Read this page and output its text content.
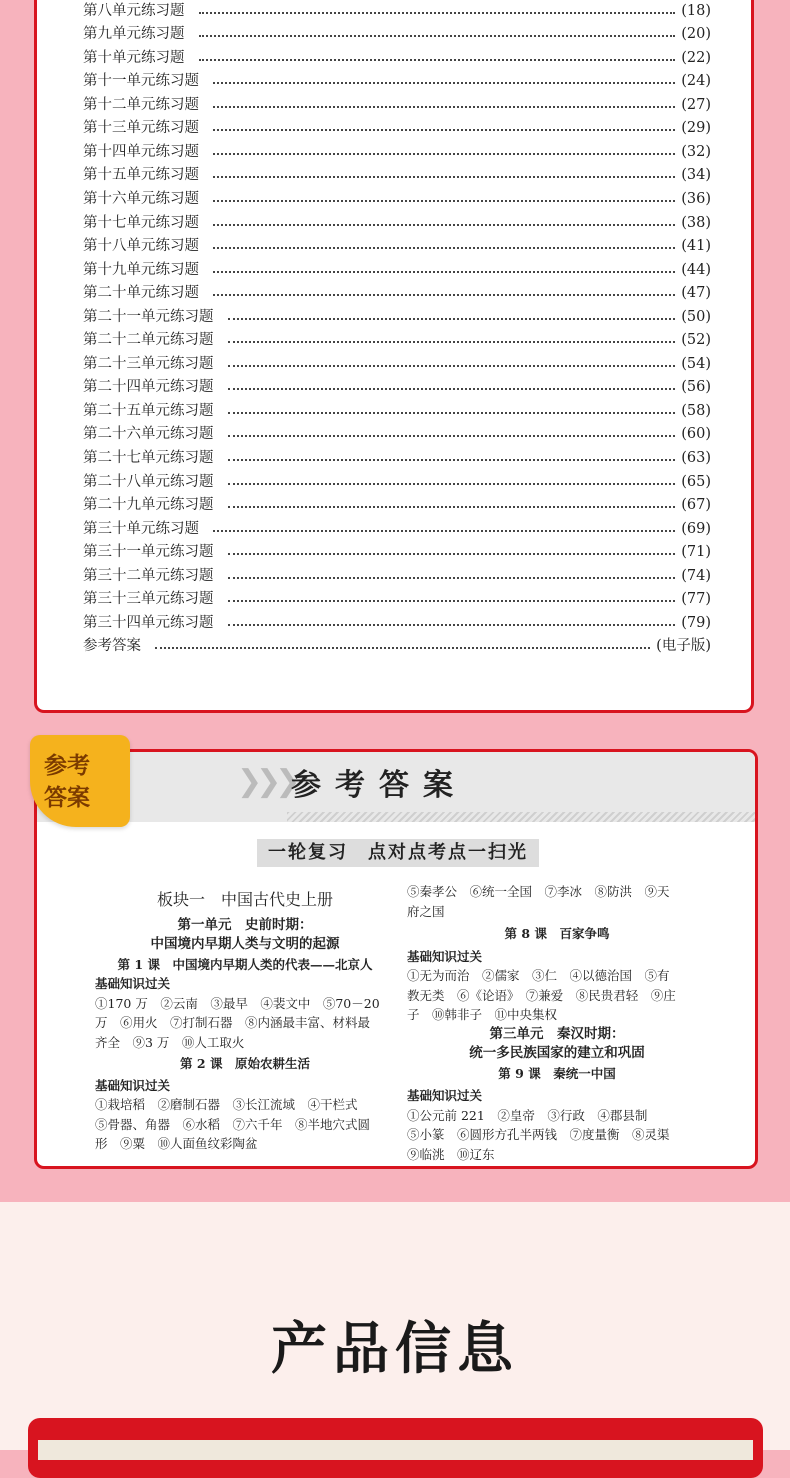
第八单元练习题	(18)
第九单元练习题	(20)
第十单元练习题	(22)
第十一单元练习题	(24)
第十二单元练习题	(27)
第十三单元练习题	(29)
第十四单元练习题	(32)
第十五单元练习题	(34)
第十六单元练习题	(36)
第十七单元练习题	(38)
第十八单元练习题	(41)
第十九单元练习题	(44)
第二十单元练习题	(47)
第二十一单元练习题	(50)
第二十二单元练习题	(52)
第二十三单元练习题	(54)
第二十四单元练习题	(56)
第二十五单元练习题	(58)
第二十六单元练习题	(60)
第二十七单元练习题	(63)
第二十八单元练习题	(65)
第二十九单元练习题	(67)
第三十单元练习题	(69)
第三十一单元练习题	(71)
第三十二单元练习题	(74)
第三十三单元练习题	(77)
第三十四单元练习题	(79)
参考答案	(电子版)
参考
答案	❯❯❯
参考答案
一轮复习　点对点考点一扫光
板块一　中国古代史上册
第一单元　史前时期：
中国境内早期人类与文明的起源
第 1 课　中国境内早期人类的代表——北京人
基础知识过关
①170 万　②云南　③最早　④裴文中　⑤70－20
万　⑥用火　⑦打制石器　⑧内涵最丰富、材料最
齐全　⑨3 万　⑩人工取火
第 2 课　原始农耕生活
基础知识过关
①栽培稻　②磨制石器　③长江流域　④干栏式
⑤骨器、角器　⑥水稻　⑦六千年　⑧半地穴式圆
形　⑨粟　⑩人面鱼纹彩陶盆
⑤秦孝公　⑥统一全国　⑦李冰　⑧防洪　⑨天
府之国
第 8 课　百家争鸣
基础知识过关
①无为而治　②儒家　③仁　④以德治国　⑤有
教无类　⑥《论语》　⑦兼爱　⑧民贵君轻　⑨庄
子　⑩韩非子　⑪中央集权
第三单元　秦汉时期：
统一多民族国家的建立和巩固
第 9 课　秦统一中国
基础知识过关
①公元前 221　②皇帝　③行政　④郡县制
⑤小篆　⑥圆形方孔半两钱　⑦度量衡　⑧灵渠
⑨临洮　⑩辽东
产品信息
